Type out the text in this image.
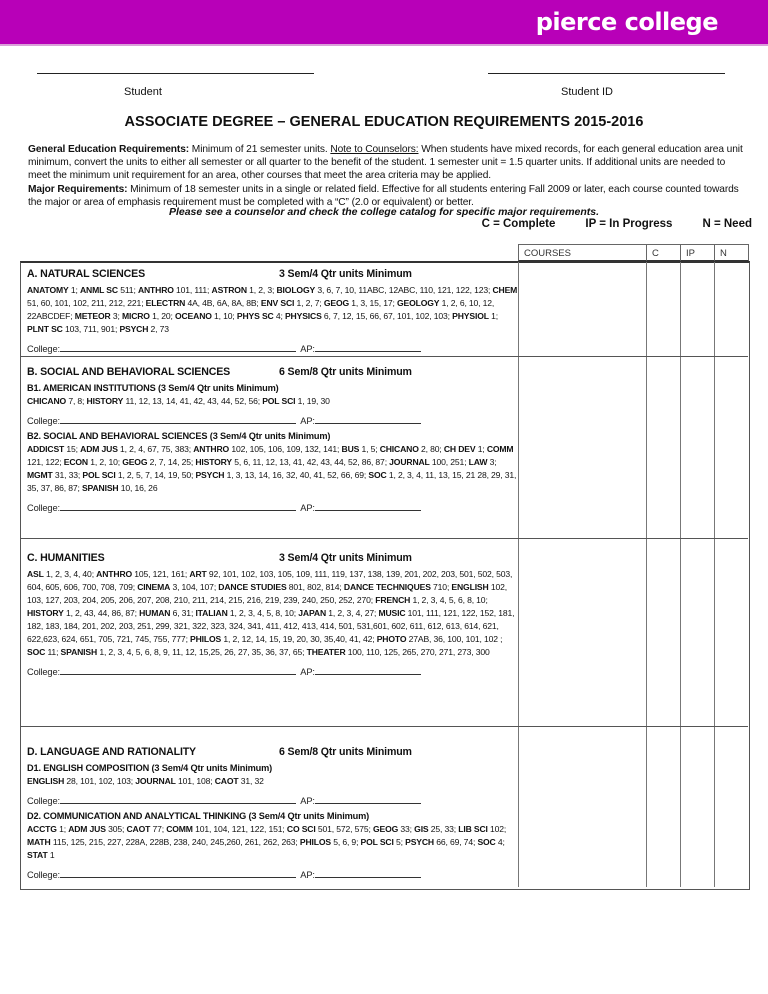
pierce college
Student	Student ID
ASSOCIATE DEGREE – GENERAL EDUCATION REQUIREMENTS 2015-2016
General Education Requirements: Minimum of 21 semester units. Note to Counselors: When students have mixed records, for each general education area unit minimum, convert the units to either all semester or all quarter to the benefit of the student. 1 semester unit = 1.5 quarter units. If additional units are needed to meet the minimum unit requirement for an area, other courses that meet the area criteria may be applied.
Major Requirements: Minimum of 18 semester units in a single or related field. Effective for all students entering Fall 2009 or later, each course counted towards the major or area of emphasis requirement must be completed with a “C” (2.0 or equivalent) or better.
Please see a counselor and check the college catalog for specific major requirements.
C = Complete	IP = In Progress	N = Need
COURSES	C	IP	N
A. NATURAL SCIENCES	3 Sem/4 Qtr units Minimum
ANATOMY 1; ANML SC 511; ANTHRO 101, 111; ASTRON 1, 2, 3; BIOLOGY 3, 6, 7, 10, 11ABC, 12ABC, 110, 121, 122, 123; CHEM 51, 60, 101, 102, 211, 212, 221; ELECTRN 4A, 4B, 6A, 8A, 8B; ENV SCI 1, 2, 7; GEOG 1, 3, 15, 17; GEOLOGY 1, 2, 6, 10, 12, 22ABCDEF; METEOR 3; MICRO 1, 20; OCEANO 1, 10; PHYS SC 4; PHYSICS 6, 7, 12, 15, 66, 67, 101, 102, 103; PHYSIOL 1; PLNT SC 103, 711, 901; PSYCH 2, 73
College:	AP:
B. SOCIAL AND BEHAVIORAL SCIENCES	6 Sem/8 Qtr units Minimum
B1. AMERICAN INSTITUTIONS (3 Sem/4 Qtr units Minimum)
CHICANO 7, 8; HISTORY 11, 12, 13, 14, 41, 42, 43, 44, 52, 56; POL SCI 1, 19, 30
College:	AP:
B2. SOCIAL AND BEHAVIORAL SCIENCES (3 Sem/4 Qtr units Minimum)
ADDICST 15; ADM JUS 1, 2, 4, 67, 75, 383; ANTHRO 102, 105, 106, 109, 132, 141; BUS 1, 5; CHICANO 2, 80; CH DEV 1; COMM 121, 122; ECON 1, 2, 10; GEOG 2, 7, 14, 25; HISTORY 5, 6, 11, 12, 13, 41, 42, 43, 44, 52, 86, 87; JOURNAL 100, 251; LAW 3; MGMT 31, 33; POL SCI 1, 2, 5, 7, 14, 19, 50; PSYCH 1, 3, 13, 14, 16, 32, 40, 41, 52, 66, 69; SOC 1, 2, 3, 4, 11, 13, 15, 21 28, 29, 31, 35, 37, 86, 87; SPANISH 10, 16, 26
College:	AP:
C. HUMANITIES	3 Sem/4 Qtr units Minimum
ASL 1, 2, 3, 4, 40; ANTHRO 105, 121, 161; ART 92, 101, 102, 103, 105, 109, 111, 119, 137, 138, 139, 201, 202, 203, 501, 502, 503, 604, 605, 606, 700, 708, 709; CINEMA 3, 104, 107; DANCE STUDIES 801, 802, 814; DANCE TECHNIQUES 710; ENGLISH 102, 103, 127, 203, 204, 205, 206, 207, 208, 210, 211, 214, 215, 216, 219, 239, 240, 250, 252, 270; FRENCH 1, 2, 3, 4, 5, 6, 8, 10; HISTORY 1, 2, 43, 44, 86, 87; HUMAN 6, 31; ITALIAN 1, 2, 3, 4, 5, 8, 10; JAPAN 1, 2, 3, 4, 27; MUSIC 101, 111, 121, 122, 152, 181, 182, 183, 184, 201, 202, 203, 251, 299, 321, 322, 323, 324, 341, 411, 412, 413, 414, 501, 531,601, 602, 611, 612, 613, 614, 621, 622,623, 624, 651, 705, 721, 745, 755, 777; PHILOS 1, 2, 12, 14, 15, 19, 20, 30, 35,40, 41, 42; PHOTO 27AB, 36, 100, 101, 102 ; SOC 11; SPANISH 1, 2, 3, 4, 5, 6, 8, 9, 11, 12, 15,25, 26, 27, 35, 36, 37, 65; THEATER 100, 110, 125, 265, 270, 271, 273, 300
College:	AP:
D. LANGUAGE AND RATIONALITY	6 Sem/8 Qtr units Minimum
D1. ENGLISH COMPOSITION (3 Sem/4 Qtr units Minimum)
ENGLISH 28, 101, 102, 103; JOURNAL 101, 108; CAOT 31, 32
College:	AP:
D2. COMMUNICATION AND ANALYTICAL THINKING (3 Sem/4 Qtr units Minimum)
ACCTG 1; ADM JUS 305; CAOT 77; COMM 101, 104, 121, 122, 151; CO SCI 501, 572, 575; GEOG 33; GIS 25, 33; LIB SCI 102; MATH 115, 125, 215, 227, 228A, 228B, 238, 240, 245,260, 261, 262, 263; PHILOS 5, 6, 9; POL SCI 5; PSYCH 66, 69, 74; SOC 4; STAT 1
College:	AP:
